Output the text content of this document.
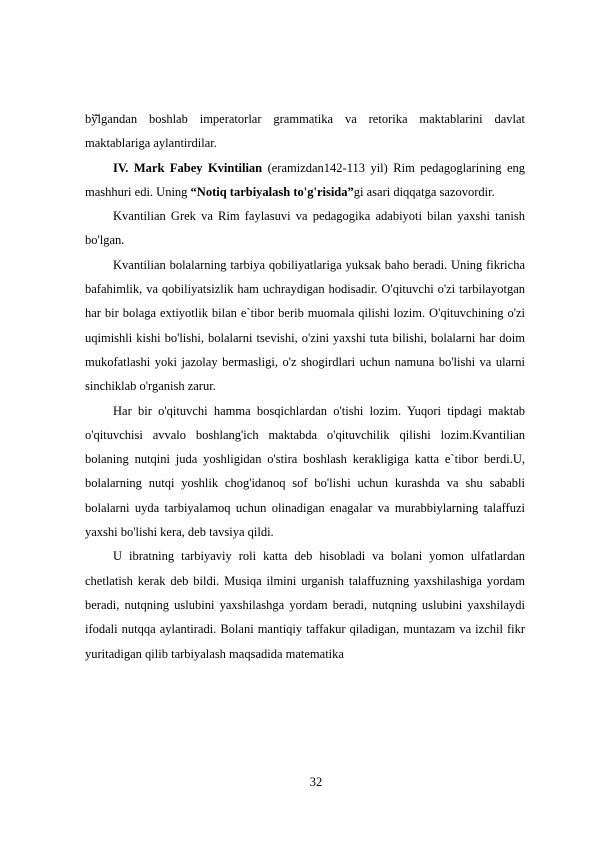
bў̆lgandan boshlab imperatorlar grammatika va retorika maktablarini davlat maktablariga aylantirdilar.

IV. Mark Fabey Kvintilian (eramizdan142-113 yil) Rim pedagoglarining eng mashhuri edi. Uning “Notiq tarbiyalash to'g'risida”gi asari diqqatga sazovordir.

Kvantilian Grek va Rim faylasuvi va pedagogika adabiyoti bilan yaxshi tanish bo'lgan.

Kvantilian bolalarning tarbiya qobiliyatlariga yuksak baho beradi. Uning fikricha bafahimlik, va qobiliyatsizlik ham uchraydigan hodisadir. O'qituvchi o'zi tarbilayotgan har bir bolaga extiyotlik bilan e`tibor berib muomala qilishi lozim. O'qituvchining o'zi uqimishli kishi bo'lishi, bolalarni tsevishi, o'zini yaxshi tuta bilishi, bolalarni har doim mukofatlashi yoki jazolay bermasligi, o'z shogirdlari uchun namuna bo'lishi va ularni sinchiklab o'rganish zarur.

Har bir o'qituvchi hamma bosqichlardan o'tishi lozim. Yuqori tipdagi maktab o'qituvchisi avvalo boshlang'ich maktabda o'qituvchilik qilishi lozim.Kvantilian bolaning nutqini juda yoshligidan o'stira boshlash kerakligiga katta e`tibor berdi.U, bolalarning nutqi yoshlik chog'idanoq sof bo'lishi uchun kurashda va shu sababli bolalarni uyda tarbiyalamoq uchun olinadigan enagalar va murabbiylarning talaffuzi yaxshi bo'lishi kera, deb tavsiya qildi.

U ibratning tarbiyaviy roli katta deb hisobladi va bolani yomon ulfatlardan chetlatish kerak deb bildi. Musiqa ilmini urganish talaffuzning yaxshilashiga yordam beradi, nutqning uslubini yaxshilashga yordam beradi, nutqning uslubini yaxshilaydi ifodali nutqqa aylantiradi. Bolani mantiqiy taffakur qiladigan, muntazam va izchil fikr yuritadigan qilib tarbiyalash maqsadida matematika

32
